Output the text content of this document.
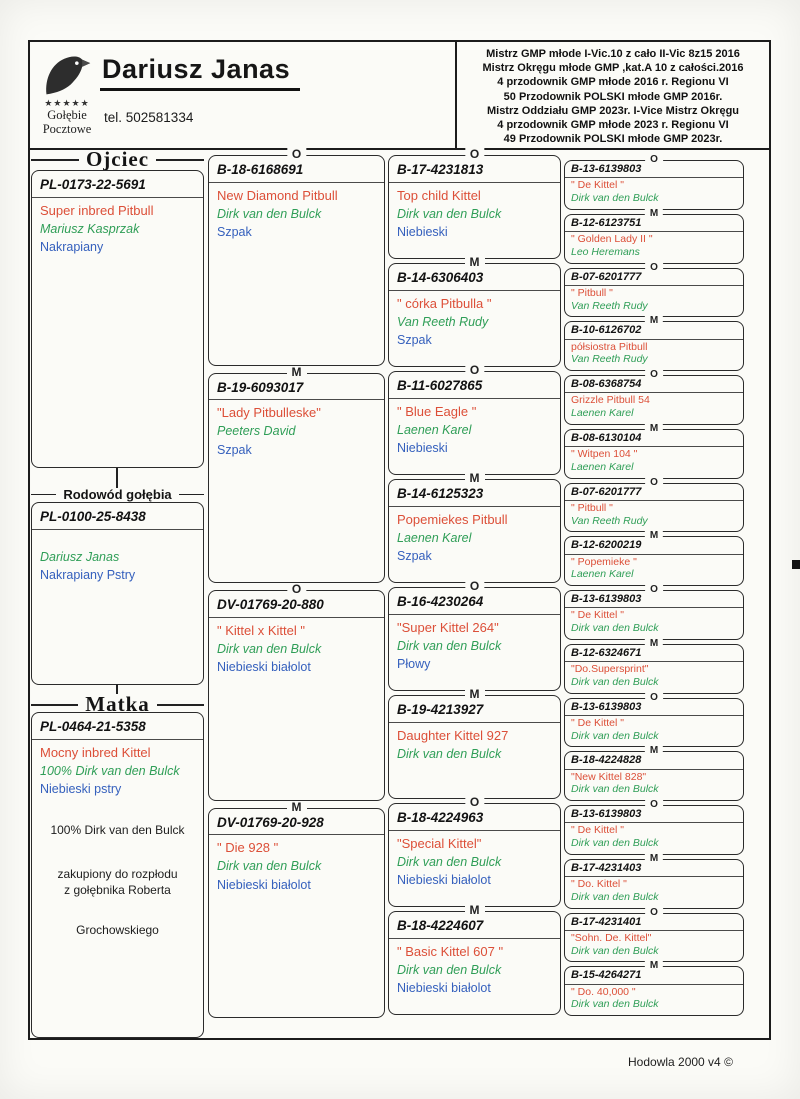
★★★★★
Gołębie
Pocztowe
Dariusz Janas
tel. 502581334
Mistrz GMP młode I-Vic.10 z cało II-Vic 8z15 2016
Mistrz Okręgu młode GMP ,kat.A 10 z całości.2016
4 przodownik GMP młode 2016 r. Regionu VI
50 Przodownik POLSKI młode GMP 2016r.
Mistrz Oddziału GMP 2023r. I-Vice Mistrz Okręgu
4 przodownik GMP młode 2023 r. Regionu VI
49 Przodownik POLSKI młode GMP 2023r.
Ojciec
PL-0173-22-5691
Super inbred Pitbull
Mariusz Kasprzak
Nakrapiany
Rodowód gołębia
PL-0100-25-8438
Dariusz Janas
Nakrapiany Pstry
Matka
PL-0464-21-5358
Mocny inbred Kittel
100% Dirk van den Bulck
Niebieski pstry
100% Dirk van den Bulck
zakupiony do rozpłodu
z gołębnika Roberta
Grochowskiego
O
B-18-6168691
New Diamond Pitbull
Dirk van den Bulck
Szpak
M
B-19-6093017
"Lady Pitbulleske"
Peeters David
Szpak
O
DV-01769-20-880
" Kittel x Kittel "
Dirk van den Bulck
Niebieski białolot
M
DV-01769-20-928
" Die 928 "
Dirk van den Bulck
Niebieski białolot
O
B-17-4231813
Top child Kittel
Dirk van den Bulck
Niebieski
M
B-14-6306403
" córka Pitbulla "
Van Reeth Rudy
Szpak
O
B-11-6027865
" Blue Eagle "
Laenen Karel
Niebieski
M
B-14-6125323
Popemiekes Pitbull
Laenen Karel
Szpak
O
B-16-4230264
"Super Kittel 264"
Dirk van den Bulck
Płowy
M
B-19-4213927
Daughter Kittel 927
Dirk van den Bulck
O
B-18-4224963
"Special Kittel"
Dirk van den Bulck
Niebieski białolot
M
B-18-4224607
" Basic Kittel 607 "
Dirk van den Bulck
Niebieski białolot
O
B-13-6139803
" De Kittel "
Dirk van den Bulck
M
B-12-6123751
" Golden Lady II "
Leo Heremans
O
B-07-6201777
" Pitbull "
Van Reeth Rudy
M
B-10-6126702
półsiostra Pitbull
Van Reeth Rudy
O
B-08-6368754
Grizzle Pitbull 54
Laenen Karel
M
B-08-6130104
" Witpen 104 "
Laenen Karel
O
B-07-6201777
" Pitbull "
Van Reeth Rudy
M
B-12-6200219
" Popemieke "
Laenen Karel
O
B-13-6139803
" De Kittel "
Dirk van den Bulck
M
B-12-6324671
"Do.Supersprint"
Dirk van den Bulck
O
B-13-6139803
" De Kittel "
Dirk van den Bulck
M
B-18-4224828
"New Kittel 828"
Dirk van den Bulck
O
B-13-6139803
" De Kittel "
Dirk van den Bulck
M
B-17-4231403
" Do. Kittel "
Dirk van den Bulck
O
B-17-4231401
"Sohn. De. Kittel"
Dirk van den Bulck
M
B-15-4264271
" Do. 40,000 "
Dirk van den Bulck
Hodowla 2000 v4 ©
